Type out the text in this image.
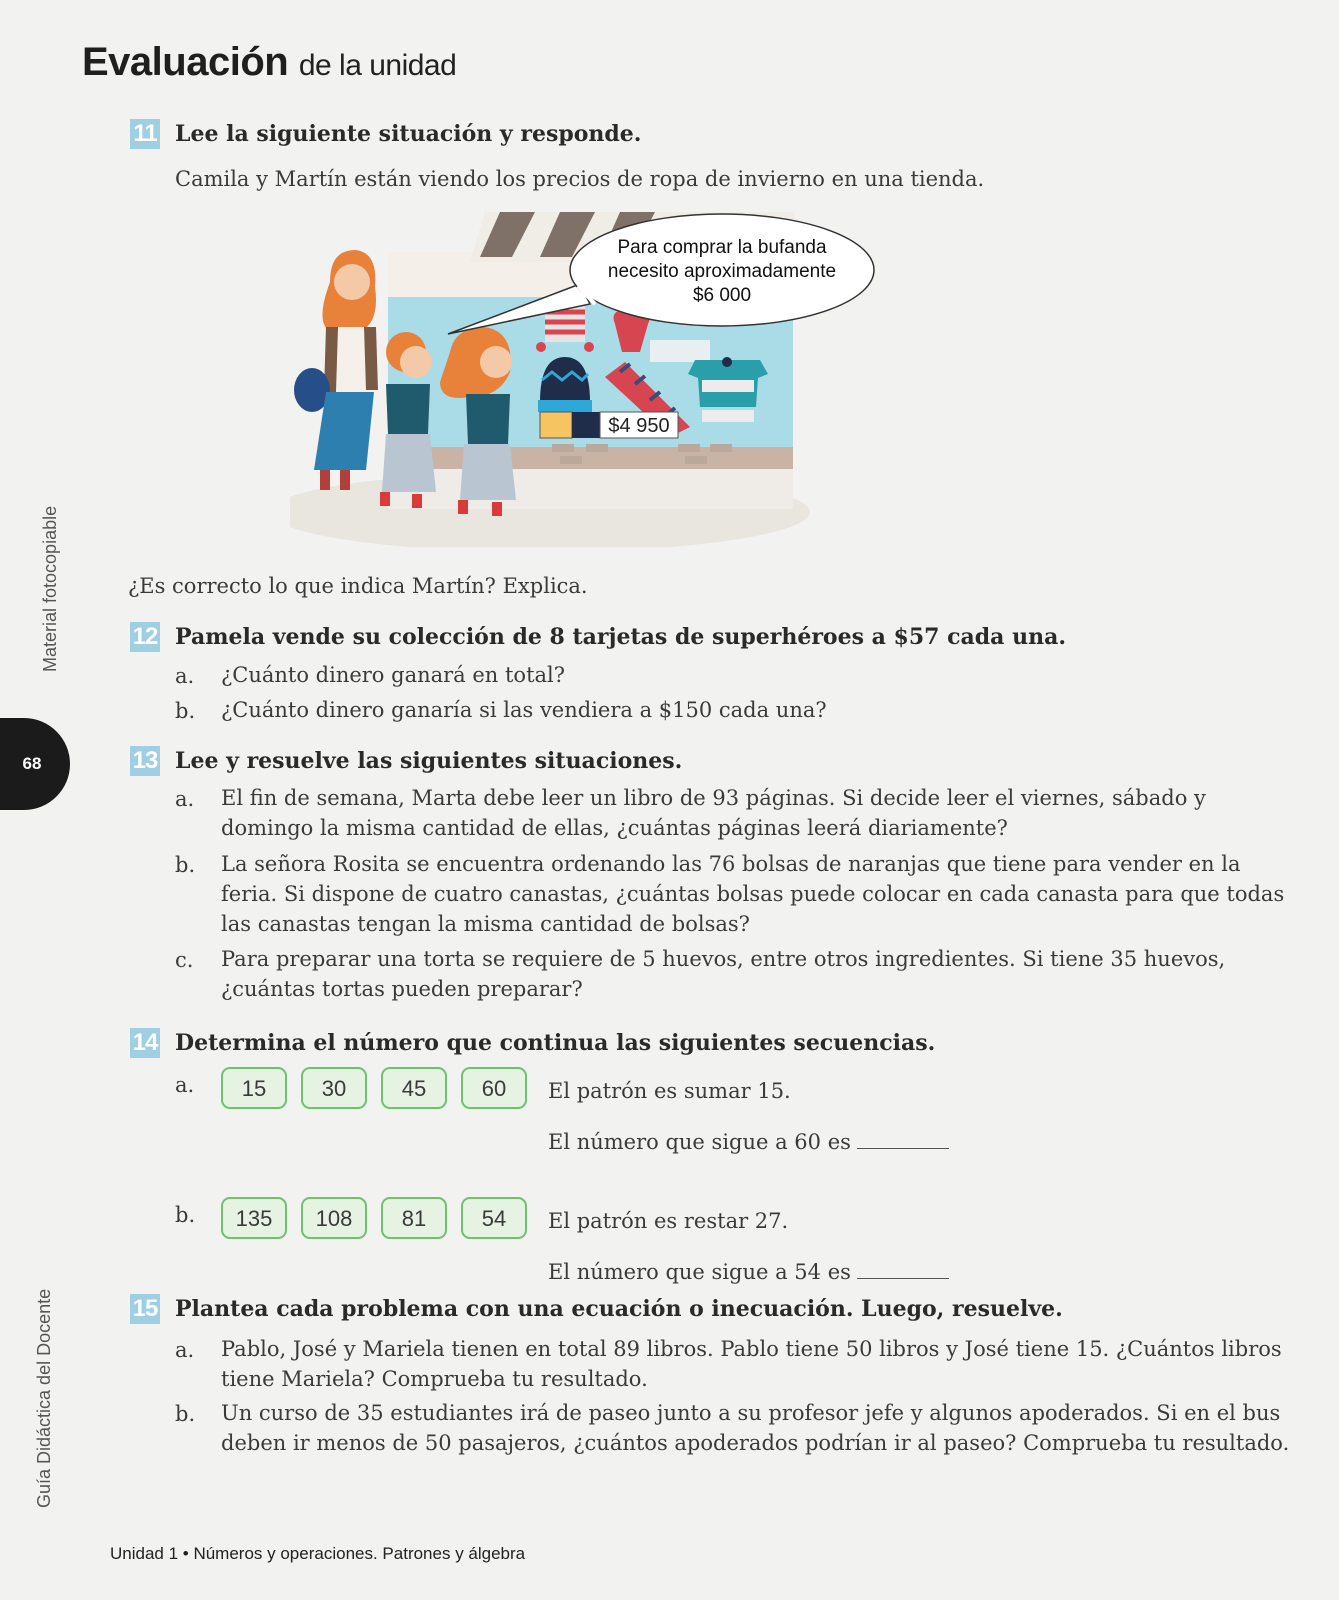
Evaluación de la unidad
Material fotocopiable
68
Guía Didáctica del Docente
11 Lee la siguiente situación y responde.
Camila y Martín están viendo los precios de ropa de invierno en una tienda.
$4 950
Para comprar la bufanda
necesito aproximadamente
$6 000
¿Es correcto lo que indica Martín? Explica.
12 Pamela vende su colección de 8 tarjetas de superhéroes a $57 cada una.
a. ¿Cuánto dinero ganará en total?
b. ¿Cuánto dinero ganaría si las vendiera a $150 cada una?
13 Lee y resuelve las siguientes situaciones.
a. El fin de semana, Marta debe leer un libro de 93 páginas. Si decide leer el viernes, sábado y
domingo la misma cantidad de ellas, ¿cuántas páginas leerá diariamente?
b. La señora Rosita se encuentra ordenando las 76 bolsas de naranjas que tiene para vender en la
feria. Si dispone de cuatro canastas, ¿cuántas bolsas puede colocar en cada canasta para que todas
las canastas tengan la misma cantidad de bolsas?
c. Para preparar una torta se requiere de 5 huevos, entre otros ingredientes. Si tiene 35 huevos,
¿cuántas tortas pueden preparar?
14 Determina el número que continua las siguientes secuencias.
a.	15	30	45	60	El patrón es sumar 15.
El número que sigue a 60 es
b.	135	108	81	54	El patrón es restar 27.
El número que sigue a 54 es
15 Plantea cada problema con una ecuación o inecuación. Luego, resuelve.
a. Pablo, José y Mariela tienen en total 89 libros. Pablo tiene 50 libros y José tiene 15. ¿Cuántos libros
tiene Mariela? Comprueba tu resultado.
b. Un curso de 35 estudiantes irá de paseo junto a su profesor jefe y algunos apoderados. Si en el bus
deben ir menos de 50 pasajeros, ¿cuántos apoderados podrían ir al paseo? Comprueba tu resultado.
Unidad 1 • Números y operaciones. Patrones y álgebra
